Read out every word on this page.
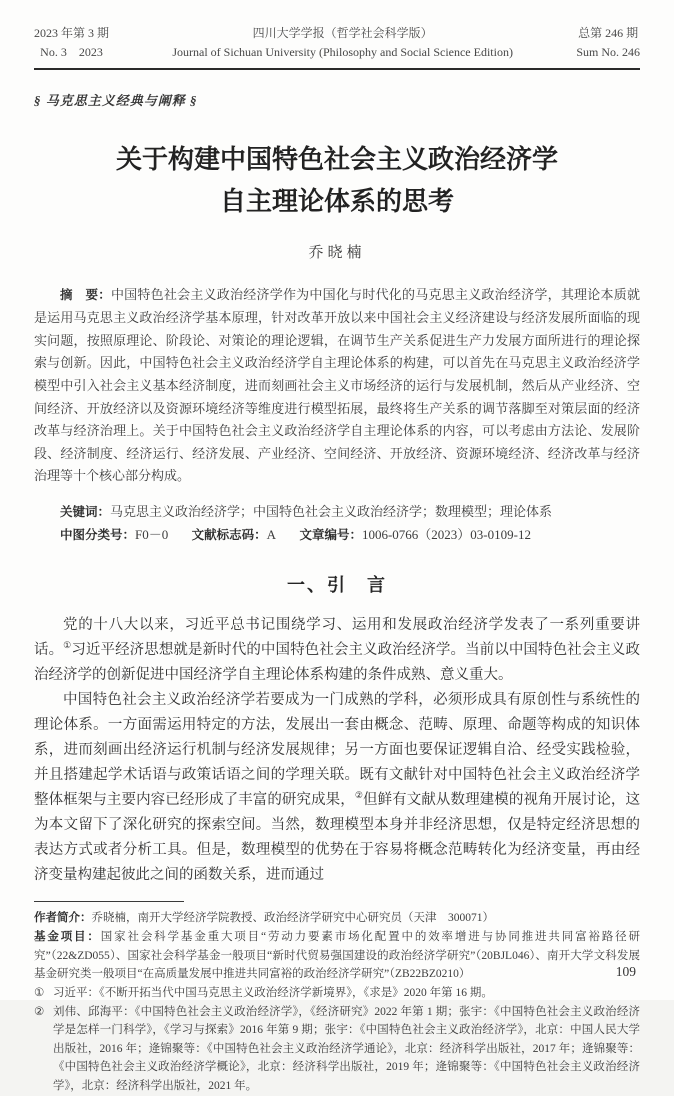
2023 年第 3 期
No. 3　2023
四川大学学报（哲学社会科学版）
Journal of Sichuan University (Philosophy and Social Science Edition)
总第 246 期
Sum No. 246
§ 马克思主义经典与阐释 §
关于构建中国特色社会主义政治经济学
自主理论体系的思考
乔晓楠

摘　要：中国特色社会主义政治经济学作为中国化与时代化的马克思主义政治经济学，其理论本质就是运用马克思主义政治经济学基本原理，针对改革开放以来中国社会主义经济建设与经济发展所面临的现实问题，按照原理论、阶段论、对策论的理论逻辑，在调节生产关系促进生产力发展方面所进行的理论探索与创新。因此，中国特色社会主义政治经济学自主理论体系的构建，可以首先在马克思主义政治经济学模型中引入社会主义基本经济制度，进而刻画社会主义市场经济的运行与发展机制，然后从产业经济、空间经济、开放经济以及资源环境经济等维度进行模型拓展，最终将生产关系的调节落脚至对策层面的经济改革与经济治理上。关于中国特色社会主义政治经济学自主理论体系的内容，可以考虑由方法论、发展阶段、经济制度、经济运行、经济发展、产业经济、空间经济、开放经济、资源环境经济、经济改革与经济治理等十个核心部分构成。

关键词：马克思主义政治经济学；中国特色社会主义政治经济学；数理模型；理论体系

中图分类号：F0－0 文献标志码：A 文章编号：1006-0766（2023）03-0109-12

一、引　言

党的十八大以来，习近平总书记围绕学习、运用和发展政治经济学发表了一系列重要讲话。①习近平经济思想就是新时代的中国特色社会主义政治经济学。当前以中国特色社会主义政治经济学的创新促进中国经济学自主理论体系构建的条件成熟、意义重大。

中国特色社会主义政治经济学若要成为一门成熟的学科，必须形成具有原创性与系统性的理论体系。一方面需运用特定的方法，发展出一套由概念、范畴、原理、命题等构成的知识体系，进而刻画出经济运行机制与经济发展规律；另一方面也要保证逻辑自洽、经受实践检验，并且搭建起学术话语与政策话语之间的学理关联。既有文献针对中国特色社会主义政治经济学整体框架与主要内容已经形成了丰富的研究成果，②但鲜有文献从数理建模的视角开展讨论，这为本文留下了深化研究的探索空间。当然，数理模型本身并非经济思想，仅是特定经济思想的表达方式或者分析工具。但是，数理模型的优势在于容易将概念范畴转化为经济变量，再由经济变量构建起彼此之间的函数关系，进而通过

作者简介：乔晓楠，南开大学经济学院教授、政治经济学研究中心研究员（天津　300071）

基金项目：国家社会科学基金重大项目“劳动力要素市场化配置中的效率增进与协同推进共同富裕路径研究”（22&ZD055）、国家社会科学基金一般项目“新时代贸易强国建设的政治经济学研究”（20BJL046）、南开大学文科发展基金研究类一般项目“在高质量发展中推进共同富裕的政治经济学研究”（ZB22BZ0210）

① 习近平：《不断开拓当代中国马克思主义政治经济学新境界》，《求是》2020 年第 16 期。
② 刘伟、邱海平：《中国特色社会主义政治经济学》，《经济研究》2022 年第 1 期；张宇：《中国特色社会主义政治经济学是怎样一门科学》，《学习与探索》2016 年第 9 期；张宇：《中国特色社会主义政治经济学》，北京：中国人民大学出版社，2016 年；逄锦聚等：《中国特色社会主义政治经济学通论》，北京：经济科学出版社，2017 年；逄锦聚等：《中国特色社会主义政治经济学概论》，北京：经济科学出版社，2019 年；逄锦聚等：《中国特色社会主义政治经济学》，北京：经济科学出版社，2021 年。
109
